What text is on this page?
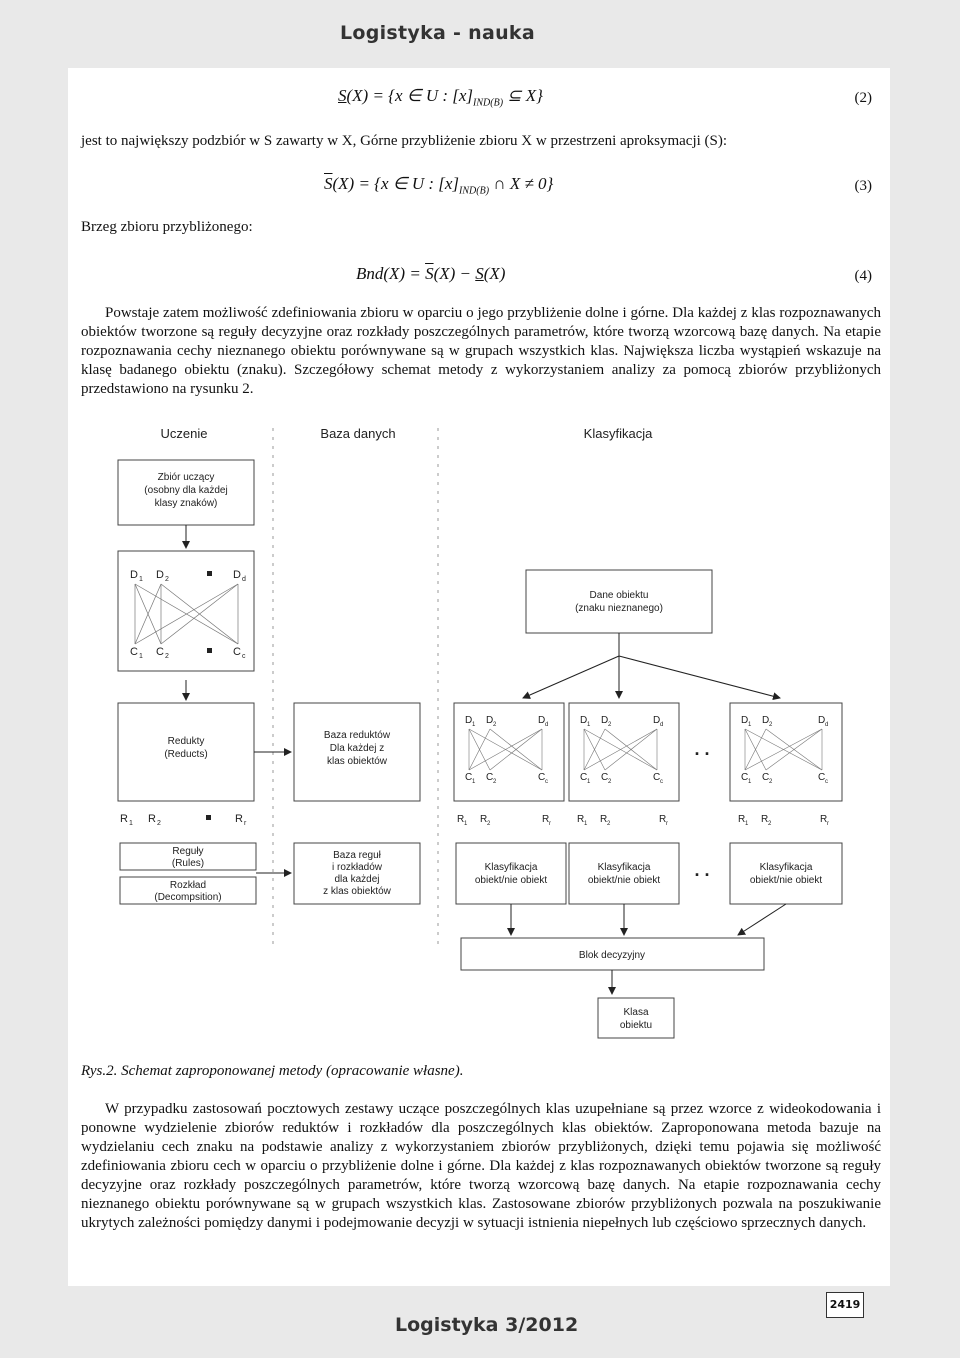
Logistyka - nauka
S(X) = {x ∈ U : $[x]_{IND(B)}$ ⊆ X}	(2)
jest to największy podzbiór w S zawarty w X, Górne przybliżenie zbioru X w przestrzeni aproksymacji (S):
$\overline{S}(X) = \{x$ ∈ U : $[x]_{IND(B)}$ ∩ X ≠ 0}	(3)
Brzeg zbioru przybliżonego:
$Bnd(X) = \overline{S}(X) - S(X)$	(4)
Powstaje zatem możliwość zdefiniowania zbioru w oparciu o jego przybliżenie dolne i górne. Dla każdej z klas rozpoznawanych obiektów tworzone są reguły decyzyjne oraz rozkłady poszczególnych parametrów, które tworzą wzorcową bazę danych. Na etapie rozpoznawania cechy nieznanego obiektu porównywane są w grupach wszystkich klas. Największa liczba wystąpień wskazuje na klasę badanego obiektu (znaku). Szczegółowy schemat metody z wykorzystaniem analizy za pomocą zbiorów przybliżonych przedstawiono na rysunku 2.
Uczenie	Baza danych	Klasyfikacja
Zbiór uczący
(osobny dla każdej
klasy znaków)
D 1 D 2	D d
C 1 C 2	C c
Redukty
(Reducts)
R 1 R 2	R r
Reguły
(Rules)
Rozkład
(Decompsition)
Baza reduktów
Dla każdej z
klas obiektów
Baza reguł
i rozkładów
dla każdej
z klas obiektów
Dane obiektu
(znaku nieznanego)
D 1 D 2	D d
C 1 C 2	C c
R 1 R 2	R r
Klasyfikacja
obiekt/nie obiekt
D 1 D 2	D d
C 1 C 2	C c
R 1 R 2	R r
Klasyfikacja
obiekt/nie obiekt
D 1 D 2	D d
C 1 C 2	C c
R 1 R 2	R r
Klasyfikacja
obiekt/nie obiekt
. .
. .
Blok decyzyjny
Klasa
obiektu
Rys.2. Schemat zaproponowanej metody (opracowanie własne).
W przypadku zastosowań pocztowych zestawy uczące poszczególnych klas uzupełniane są przez wzorce z wideokodowania i ponowne wydzielenie zbiorów reduktów i rozkładów dla poszczególnych klas obiektów. Zaproponowana metoda bazuje na wydzielaniu cech znaku na podstawie analizy z wykorzystaniem zbiorów przybliżonych, dzięki temu pojawia się możliwość zdefiniowania zbioru cech w oparciu o przybliżenie dolne i górne. Dla każdej z klas rozpoznawanych obiektów tworzone są reguły decyzyjne oraz rozkłady poszczególnych parametrów, które tworzą wzorcową bazę danych. Na etapie rozpoznawania cechy nieznanego obiektu porównywane są w grupach wszystkich klas. Zastosowane zbiorów przybliżonych pozwala na poszukiwanie ukrytych zależności pomiędzy danymi i podejmowanie decyzji w sytuacji istnienia niepełnych lub częściowo sprzecznych danych.
2419
Logistyka 3/2012
